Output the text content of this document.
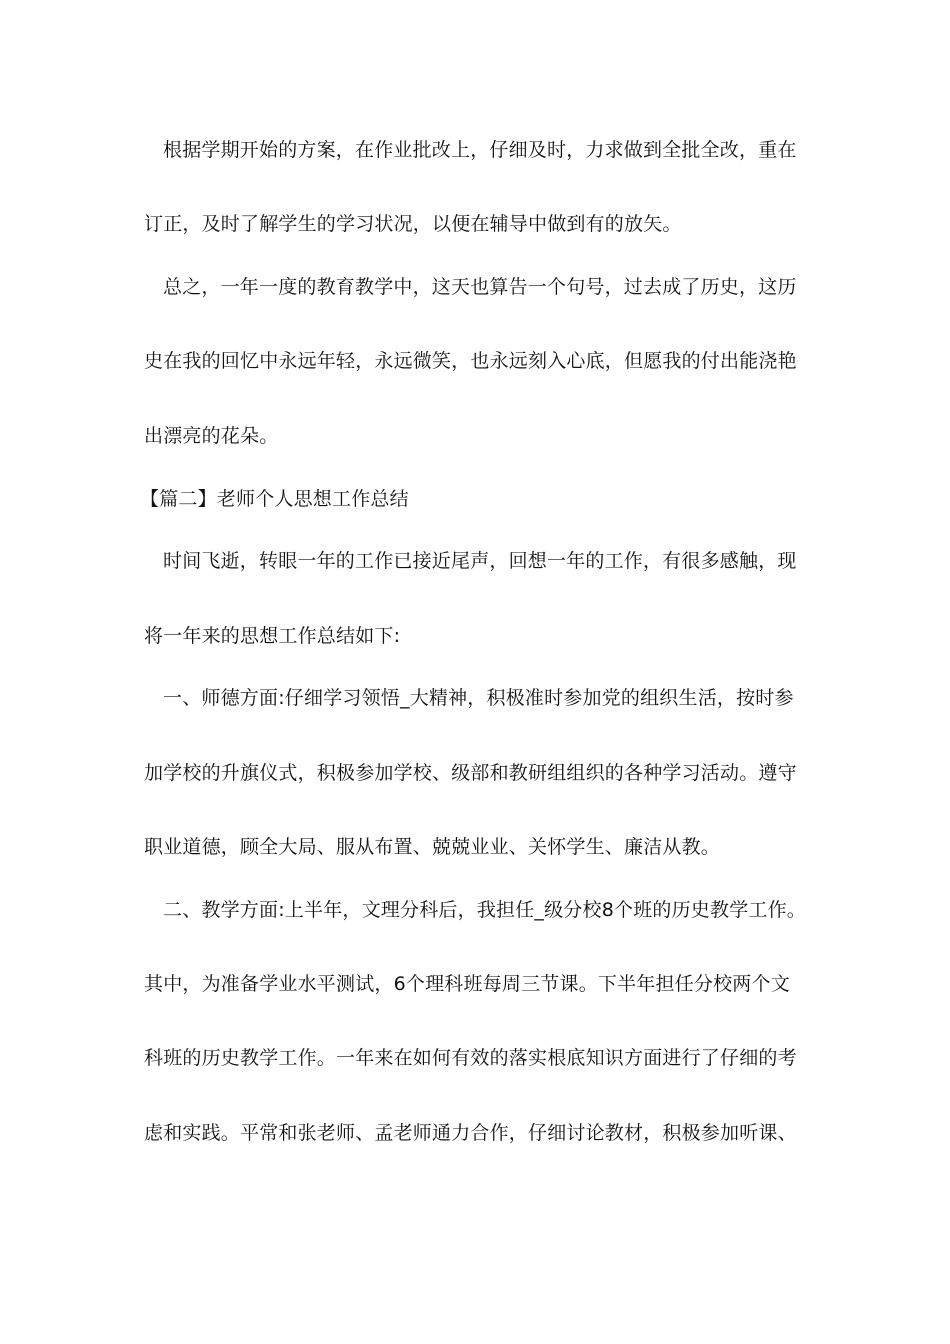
根据学期开始的方案，在作业批改上，仔细及时，力求做到全批全改，重在
订正，及时了解学生的学习状况，以便在辅导中做到有的放矢。
总之，一年一度的教育教学中，这天也算告一个句号，过去成了历史，这历
史在我的回忆中永远年轻，永远微笑，也永远刻入心底，但愿我的付出能浇艳
出漂亮的花朵。
【篇二】老师个人思想工作总结
时间飞逝，转眼一年的工作已接近尾声，回想一年的工作，有很多感触，现
将一年来的思想工作总结如下:
一、师德方面:仔细学习领悟_大精神，积极准时参加党的组织生活，按时参
加学校的升旗仪式，积极参加学校、级部和教研组组织的各种学习活动。遵守
职业道德，顾全大局、服从布置、兢兢业业、关怀学生、廉洁从教。
二、教学方面:上半年，文理分科后，我担任_级分校8个班的历史教学工作。
其中，为准备学业水平测试，6个理科班每周三节课。下半年担任分校两个文
科班的历史教学工作。一年来在如何有效的落实根底知识方面进行了仔细的考
虑和实践。平常和张老师、孟老师通力合作，仔细讨论教材，积极参加听课、
